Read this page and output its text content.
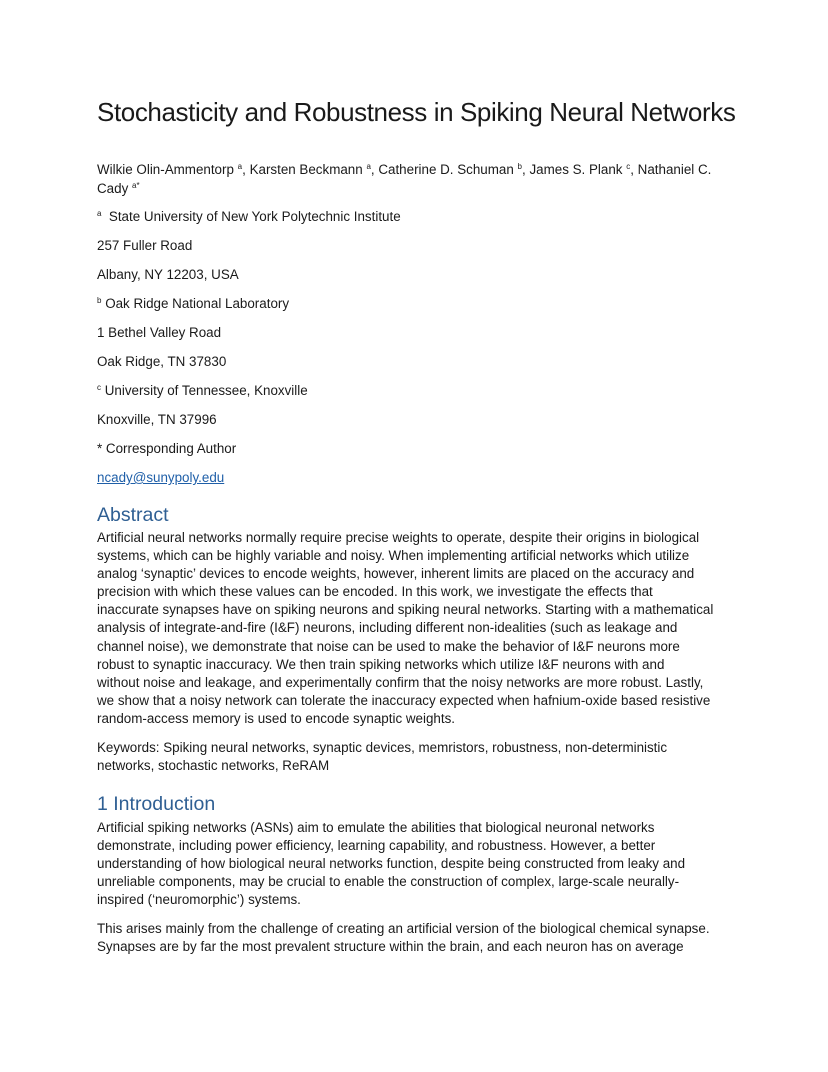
Stochasticity and Robustness in Spiking Neural Networks

Wilkie Olin-Ammentorp $^a$, Karsten Beckmann $^a$, Catherine D. Schuman $^b$, James S. Plank $^c$, Nathaniel C. Cady $^{a*}$

$^a$ State University of New York Polytechnic Institute

257 Fuller Road

Albany, NY 12203, USA

$^b$ Oak Ridge National Laboratory

1 Bethel Valley Road

Oak Ridge, TN 37830

$^c$ University of Tennessee, Knoxville

Knoxville, TN 37996

* Corresponding Author

ncady@sunypoly.edu

Abstract
Artificial neural networks normally require precise weights to operate, despite their origins in biological
systems, which can be highly variable and noisy. When implementing artificial networks which utilize
analog ‘synaptic’ devices to encode weights, however, inherent limits are placed on the accuracy and
precision with which these values can be encoded. In this work, we investigate the effects that
inaccurate synapses have on spiking neurons and spiking neural networks. Starting with a mathematical
analysis of integrate-and-fire (I&F) neurons, including different non-idealities (such as leakage and
channel noise), we demonstrate that noise can be used to make the behavior of I&F neurons more
robust to synaptic inaccuracy. We then train spiking networks which utilize I&F neurons with and
without noise and leakage, and experimentally confirm that the noisy networks are more robust. Lastly,
we show that a noisy network can tolerate the inaccuracy expected when hafnium-oxide based resistive
random-access memory is used to encode synaptic weights.
Keywords: Spiking neural networks, synaptic devices, memristors, robustness, non-deterministic
networks, stochastic networks, ReRAM
1 Introduction
Artificial spiking networks (ASNs) aim to emulate the abilities that biological neuronal networks
demonstrate, including power efficiency, learning capability, and robustness. However, a better
understanding of how biological neural networks function, despite being constructed from leaky and
unreliable components, may be crucial to enable the construction of complex, large-scale neurally-
inspired (‘neuromorphic’) systems.
This arises mainly from the challenge of creating an artificial version of the biological chemical synapse.
Synapses are by far the most prevalent structure within the brain, and each neuron has on average
